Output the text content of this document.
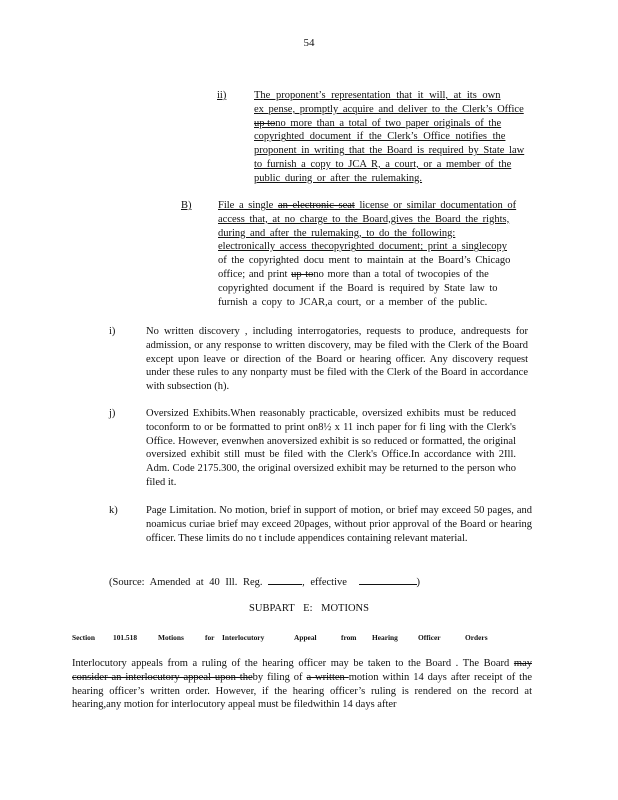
54
ii)	The proponent’s representation that it will, at its own
ex pense, promptly acquire and deliver to the Clerk’s Office
up tono more than a total of two paper originals of the
copyrighted document if the Clerk’s Office notifies the
proponent in writing that the Board is required by State law
to furnish a copy to JCA R, a court, or a member of the
public during or after the rulemaking.
B)	File a single an electronic seat license or similar documentation of
access that, at no charge to the Board,gives the Board the rights,
during and after the rulemaking, to do the following:
electronically access thecopyrighted document; print a singlecopy
of the copyrighted docu ment to maintain at the Board’s Chicago
office; and print up tono more than a total of twocopies of the
copyrighted document if the Board is required by State law to
furnish a copy to JCAR,a court, or a member of the public.
i)	No written discovery , including interrogatories, requests to produce, andrequests for admission, or any response to written discovery, may be filed with the Clerk of the Board except upon leave or direction of the Board or hearing officer. Any discovery request under these rules to any nonparty must be filed with the Clerk of the Board in accordance with subsection (h).
j)	Oversized Exhibits.When reasonably practicable, oversized exhibits must be reduced toconform to or be formatted to print on8½ x 11 inch paper for fi ling with the Clerk's Office. However, evenwhen anoversized exhibit is so reduced or formatted, the original oversized exhibit still must be filed with the Clerk's Office.In accordance with 2Ill. Adm. Code 2175.300, the original oversized exhibit may be returned to the person who filed it.
k)	Page Limitation. No motion, brief in support of motion, or brief may exceed 50 pages, and noamicus curiae brief may exceed 20pages, without prior approval of the Board or hearing officer. These limits do no t include appendices containing relevant material.
(Source: Amended at 40 Ill. Reg.	, effective	)
SUBPART E: MOTIONS
Section 101.518	Motions	for Interlocutory	Appeal	from Hearing	Officer	Orders
Interlocutory appeals from a ruling of the hearing officer may be taken to the Board . The Board may consider an interlocutory appeal upon theby filing of a written motion within 14 days after receipt of the hearing officer’s written order. However, if the hearing officer’s ruling is rendered on the record at hearing,any motion for interlocutory appeal must be filedwithin 14 days after
